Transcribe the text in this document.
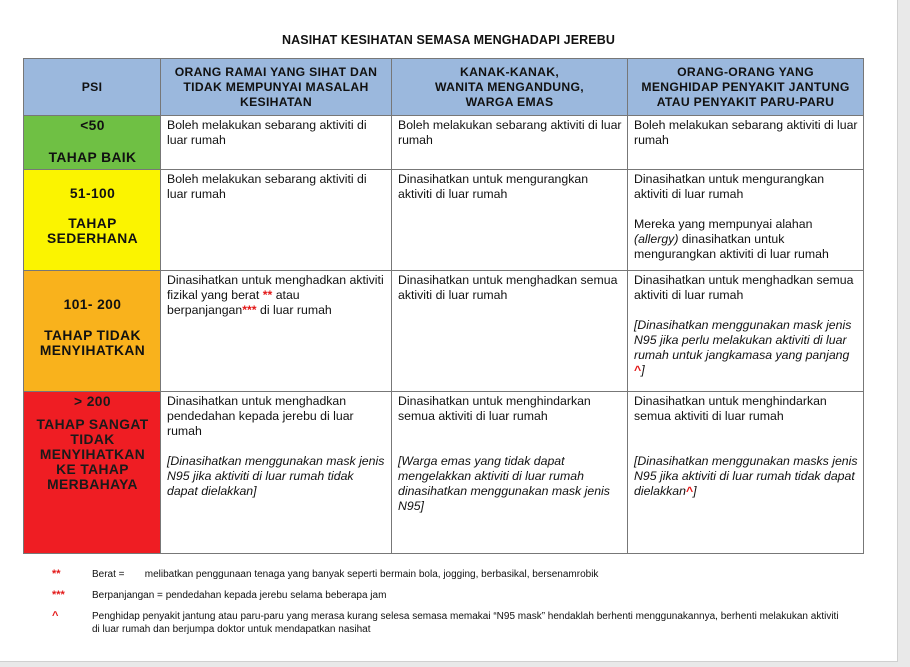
NASIHAT KESIHATAN SEMASA MENGHADAPI JEREBU
PSI	ORANG RAMAI YANG SIHAT DAN TIDAK MEMPUNYAI MASALAH KESIHATAN	KANAK-KANAK,
WANITA MENGANDUNG,
WARGA EMAS	ORANG-ORANG YANG
MENGHIDAP PENYAKIT JANTUNG
ATAU PENYAKIT PARU-PARU

<50
TAHAP BAIK	Boleh melakukan sebarang aktiviti di luar rumah	Boleh melakukan sebarang aktiviti di luar rumah	Boleh melakukan sebarang aktiviti di luar rumah

51-100
TAHAP SEDERHANA	Boleh melakukan sebarang aktiviti di luar rumah	Dinasihatkan untuk mengurangkan aktiviti di luar rumah	Dinasihatkan untuk mengurangkan aktiviti di luar rumah
Mereka yang mempunyai alahan (allergy) dinasihatkan untuk mengurangkan aktiviti di luar rumah

101- 200
TAHAP TIDAK MENYIHATKAN	Dinasihatkan untuk menghadkan aktiviti fizikal yang berat ** atau berpanjangan*** di luar rumah	Dinasihatkan untuk menghadkan semua aktiviti di luar rumah	Dinasihatkan untuk menghadkan semua aktiviti di luar rumah
[Dinasihatkan menggunakan mask jenis N95 jika perlu melakukan aktiviti di luar rumah untuk jangkamasa yang panjang ^]

> 200
TAHAP SANGAT TIDAK MENYIHATKAN KE TAHAP MERBAHAYA	Dinasihatkan untuk menghadkan pendedahan kepada jerebu di luar rumah
[Dinasihatkan menggunakan mask jenis N95 jika aktiviti di luar rumah tidak dapat dielakkan]	Dinasihatkan untuk menghindarkan semua aktiviti di luar rumah
[Warga emas yang tidak dapat mengelakkan aktiviti di luar rumah dinasihatkan menggunakan mask jenis N95]	Dinasihatkan untuk menghindarkan semua aktiviti di luar rumah
[Dinasihatkan menggunakan masks jenis N95 jika aktiviti di luar rumah tidak dapat dielakkan^]
**	Berat = melibatkan penggunaan tenaga yang banyak seperti bermain bola, jogging, berbasikal, bersenamrobik
***	Berpanjangan = pendedahan kepada jerebu selama beberapa jam
^	Penghidap penyakit jantung atau paru-paru yang merasa kurang selesa semasa memakai “N95 mask” hendaklah berhenti menggunakannya, berhenti melakukan aktiviti di luar rumah dan berjumpa doktor untuk mendapatkan nasihat
